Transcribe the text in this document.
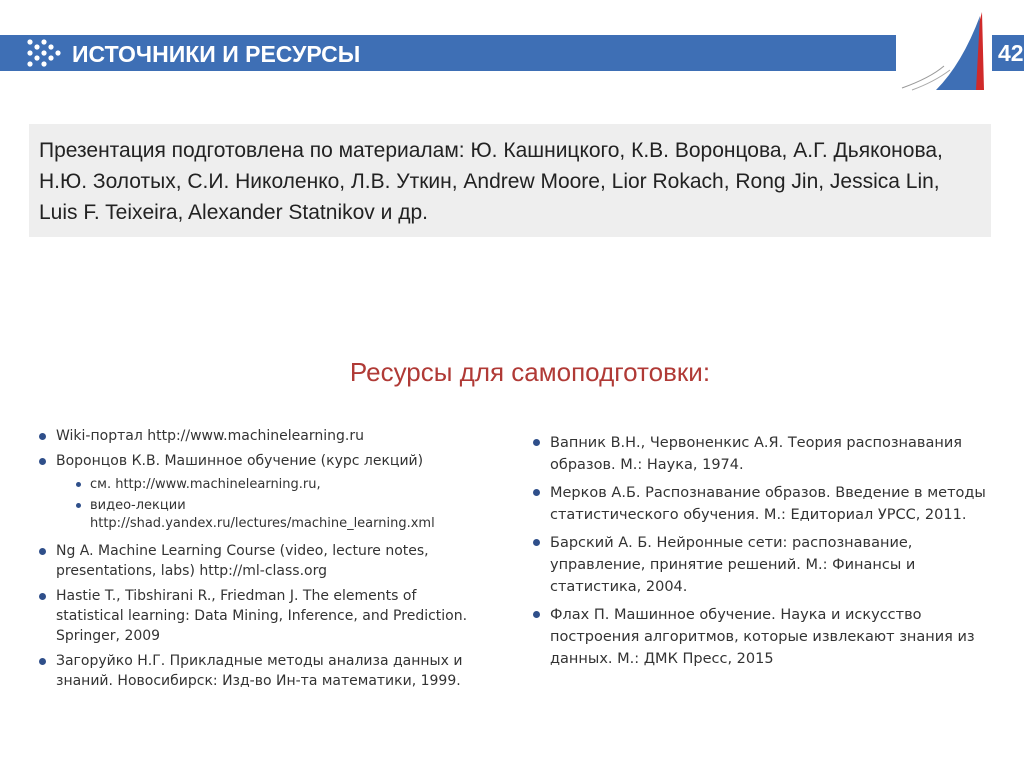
ИСТОЧНИКИ И РЕСУРСЫ	42
Презентация подготовлена по материалам: Ю. Кашницкого, К.В. Воронцова, А.Г. Дьяконова, Н.Ю. Золотых, С.И. Николенко, Л.В. Уткин, Andrew Moore, Lior Rokach, Rong Jin, Jessica Lin, Luis F. Teixeira, Alexander Statnikov и др.
Ресурсы для самоподготовки:
Wiki-портал http://www.machinelearning.ru
Воронцов К.В. Машинное обучение (курс лекций)
см. http://www.machinelearning.ru,
видео-лекции http://shad.yandex.ru/lectures/machine_learning.xml
Ng A. Machine Learning Course (video, lecture notes, presentations, labs) http://ml-class.org
Hastie T., Tibshirani R., Friedman J. The elements of statistical learning: Data Mining, Inference, and Prediction. Springer, 2009
Загоруйко Н.Г. Прикладные методы анализа данных и знаний. Новосибирск: Изд-во Ин-та математики, 1999.
Вапник В.Н., Червоненкис А.Я. Теория распознавания образов. М.: Наука, 1974.
Мерков А.Б. Распознавание образов. Введение в методы статистического обучения. М.: Едиториал УРСС, 2011.
Барский А. Б. Нейронные сети: распознавание, управление, принятие решений. М.: Финансы и статистика, 2004.
Флах П. Машинное обучение. Наука и искусство построения алгоритмов, которые извлекают знания из данных. М.: ДМК Пресс, 2015
